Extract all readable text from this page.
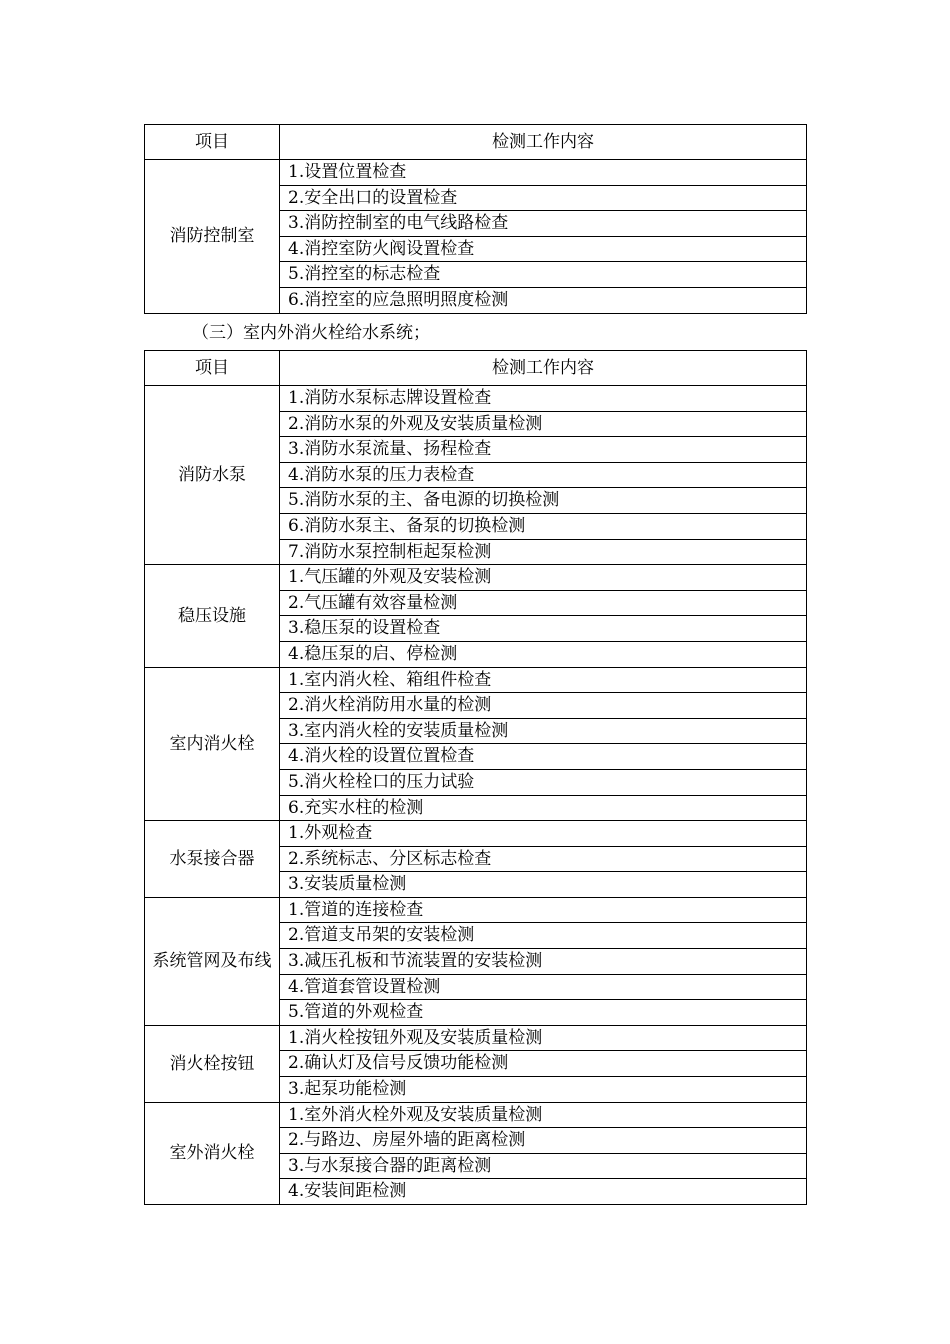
项目	检测工作内容
消防控制室	1.设置位置检查
	2.安全出口的设置检查
	3.消防控制室的电气线路检查
	4.消控室防火阀设置检查
	5.消控室的标志检查
	6.消控室的应急照明照度检测
（三）室内外消火栓给水系统；
项目	检测工作内容
消防水泵	1.消防水泵标志牌设置检查
	2.消防水泵的外观及安装质量检测
	3.消防水泵流量、扬程检查
	4.消防水泵的压力表检查
	5.消防水泵的主、备电源的切换检测
	6.消防水泵主、备泵的切换检测
	7.消防水泵控制柜起泵检测
稳压设施	1.气压罐的外观及安装检测
	2.气压罐有效容量检测
	3.稳压泵的设置检查
	4.稳压泵的启、停检测
室内消火栓	1.室内消火栓、箱组件检查
	2.消火栓消防用水量的检测
	3.室内消火栓的安装质量检测
	4.消火栓的设置位置检查
	5.消火栓栓口的压力试验
	6.充实水柱的检测
水泵接合器	1.外观检查
	2.系统标志、分区标志检查
	3.安装质量检测
系统管网及布线	1.管道的连接检查
	2.管道支吊架的安装检测
	3.减压孔板和节流装置的安装检测
	4.管道套管设置检测
	5.管道的外观检查
消火栓按钮	1.消火栓按钮外观及安装质量检测
	2.确认灯及信号反馈功能检测
	3.起泵功能检测
室外消火栓	1.室外消火栓外观及安装质量检测
	2.与路边、房屋外墙的距离检测
	3.与水泵接合器的距离检测
	4.安装间距检测
